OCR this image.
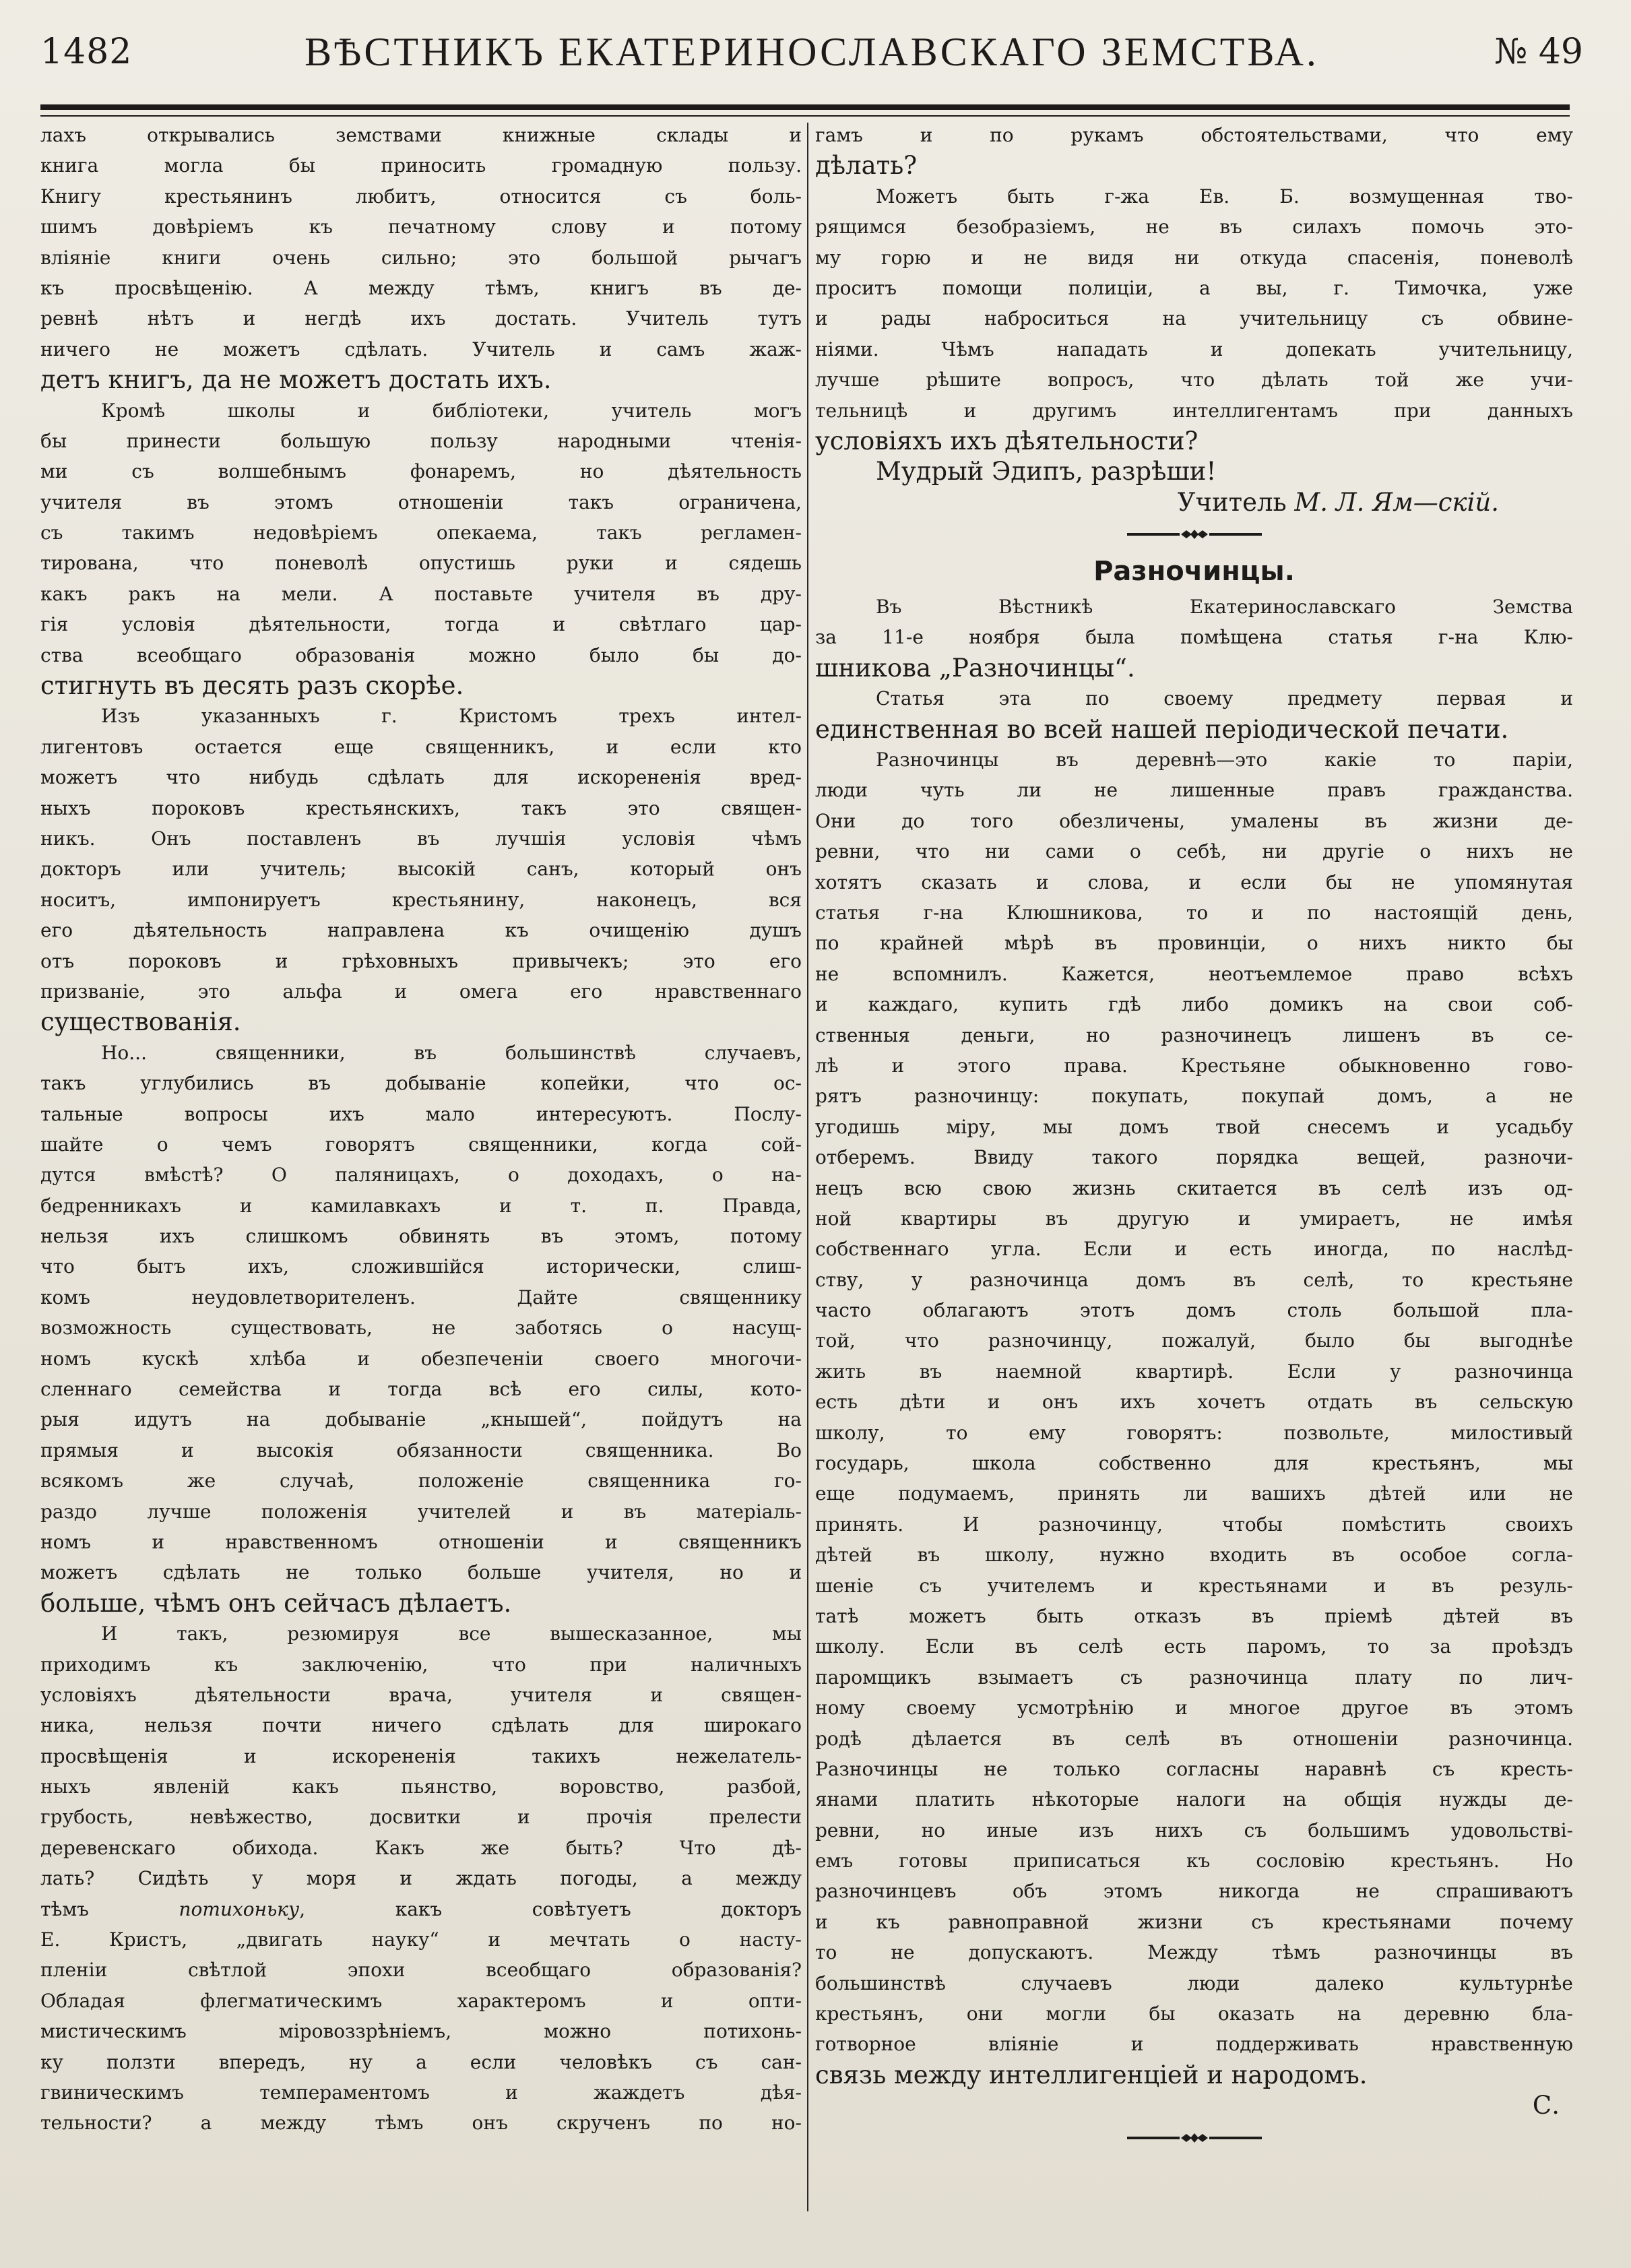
1482	ВѢСТНИКЪ ЕКАТЕРИНОСЛАВСКАГО ЗЕМСТВА.	№ 49
лахъ открывались земствами книжные склады и
книга могла бы приносить громадную пользу.
Книгу крестьянинъ любитъ, относится съ боль-
шимъ довѣріемъ къ печатному слову и потому
вліяніе книги очень сильно; это большой рычагъ
къ просвѣщенію. А между тѣмъ, книгъ въ де-
ревнѣ нѣтъ и негдѣ ихъ достать. Учитель тутъ
ничего не можетъ сдѣлать. Учитель и самъ жаж-
детъ книгъ, да не можетъ достать ихъ.
Кромѣ школы и библіотеки, учитель могъ
бы принести большую пользу народными чтенія-
ми съ волшебнымъ фонаремъ, но дѣятельность
учителя въ этомъ отношеніи такъ ограничена,
съ такимъ недовѣріемъ опекаема, такъ регламен-
тирована, что поневолѣ опустишь руки и сядешь
какъ ракъ на мели. А поставьте учителя въ дру-
гія условія дѣятельности, тогда и свѣтлаго цар-
ства всеобщаго образованія можно было бы до-
стигнуть въ десять разъ скорѣе.
Изъ указанныхъ г. Кристомъ трехъ интел-
лигентовъ остается еще священникъ, и если кто
можетъ что нибудь сдѣлать для искорененія вред-
ныхъ пороковъ крестьянскихъ, такъ это священ-
никъ. Онъ поставленъ въ лучшія условія чѣмъ
докторъ или учитель; высокій санъ, который онъ
носитъ, импонируетъ крестьянину, наконецъ, вся
его дѣятельность направлена къ очищенію душъ
отъ пороковъ и грѣховныхъ привычекъ; это его
призваніе, это альфа и омега его нравственнаго
существованія.
Но... священники, въ большинствѣ случаевъ,
такъ углубились въ добываніе копейки, что ос-
тальные вопросы ихъ мало интересуютъ. Послу-
шайте о чемъ говорятъ священники, когда сой-
дутся вмѣстѣ? О паляницахъ, о доходахъ, о на-
бедренникахъ и камилавкахъ и т. п. Правда,
нельзя ихъ слишкомъ обвинять въ этомъ, потому
что бытъ ихъ, сложившійся исторически, слиш-
комъ неудовлетворителенъ. Дайте священнику
возможность существовать, не заботясь о насущ-
номъ кускѣ хлѣба и обезпеченіи своего многочи-
сленнаго семейства и тогда всѣ его силы, кото-
рыя идутъ на добываніе „кнышей“, пойдутъ на
прямыя и высокія обязанности священника. Во
всякомъ же случаѣ, положеніе священника го-
раздо лучше положенія учителей и въ матеріаль-
номъ и нравственномъ отношеніи и священникъ
можетъ сдѣлать не только больше учителя, но и
больше, чѣмъ онъ сейчасъ дѣлаетъ.
И такъ, резюмируя все вышесказанное, мы
приходимъ къ заключенію, что при наличныхъ
условіяхъ дѣятельности врача, учителя и священ-
ника, нельзя почти ничего сдѣлать для широкаго
просвѣщенія и искорененія такихъ нежелатель-
ныхъ явленій какъ пьянство, воровство, разбой,
грубость, невѣжество, досвитки и прочія прелести
деревенскаго обихода. Какъ же быть? Что дѣ-
лать? Сидѣть у моря и ждать погоды, а между
тѣмъ потихоньку, какъ совѣтуетъ докторъ
Е. Кристъ, „двигать науку“ и мечтать о насту-
пленіи свѣтлой эпохи всеобщаго образованія?
Обладая флегматическимъ характеромъ и опти-
мистическимъ міровоззрѣніемъ, можно потихонь-
ку ползти впередъ, ну а если человѣкъ съ сан-
гвиническимъ темпераментомъ и жаждетъ дѣя-
тельности? а между тѣмъ онъ скрученъ по но-
гамъ и по рукамъ обстоятельствами, что ему
дѣлать?
Можетъ быть г-жа Ев. Б. возмущенная тво-
рящимся безобразіемъ, не въ силахъ помочь это-
му горю и не видя ни откуда спасенія, поневолѣ
проситъ помощи полиціи, а вы, г. Тимочка, уже
и рады наброситься на учительницу съ обвине-
ніями. Чѣмъ нападать и допекать учительницу,
лучше рѣшите вопросъ, что дѣлать той же учи-
тельницѣ и другимъ интеллигентамъ при данныхъ
условіяхъ ихъ дѣятельности?
Мудрый Эдипъ, разрѣши!
Учитель М. Л. Ям—скій.
Разночинцы.
Въ Вѣстникѣ Екатеринославскаго Земства
за 11-е ноября была помѣщена статья г-на Клю-
шникова „Разночинцы“.
Статья эта по своему предмету первая и
единственная во всей нашей періодической печати.
Разночинцы въ деревнѣ—это какіе то паріи,
люди чуть ли не лишенные правъ гражданства.
Они до того обезличены, умалены въ жизни де-
ревни, что ни сами о себѣ, ни другіе о нихъ не
хотятъ сказать и слова, и если бы не упомянутая
статья г-на Клюшникова, то и по настоящій день,
по крайней мѣрѣ въ провинціи, о нихъ никто бы
не вспомнилъ. Кажется, неотъемлемое право всѣхъ
и каждаго, купить гдѣ либо домикъ на свои соб-
ственныя деньги, но разночинецъ лишенъ въ се-
лѣ и этого права. Крестьяне обыкновенно гово-
рятъ разночинцу: покупать, покупай домъ, а не
угодишь міру, мы домъ твой снесемъ и усадьбу
отберемъ. Ввиду такого порядка вещей, разночи-
нецъ всю свою жизнь скитается въ селѣ изъ од-
ной квартиры въ другую и умираетъ, не имѣя
собственнаго угла. Если и есть иногда, по наслѣд-
ству, у разночинца домъ въ селѣ, то крестьяне
часто облагаютъ этотъ домъ столь большой пла-
той, что разночинцу, пожалуй, было бы выгоднѣе
жить въ наемной квартирѣ. Если у разночинца
есть дѣти и онъ ихъ хочетъ отдать въ сельскую
школу, то ему говорятъ: позвольте, милостивый
государь, школа собственно для крестьянъ, мы
еще подумаемъ, принять ли вашихъ дѣтей или не
принять. И разночинцу, чтобы помѣстить своихъ
дѣтей въ школу, нужно входить въ особое согла-
шеніе съ учителемъ и крестьянами и въ резуль-
татѣ можетъ быть отказъ въ пріемѣ дѣтей въ
школу. Если въ селѣ есть паромъ, то за проѣздъ
паромщикъ взымаетъ съ разночинца плату по лич-
ному своему усмотрѣнію и многое другое въ этомъ
родѣ дѣлается въ селѣ въ отношеніи разночинца.
Разночинцы не только согласны наравнѣ съ кресть-
янами платить нѣкоторые налоги на общія нужды де-
ревни, но иные изъ нихъ съ большимъ удовольстві-
емъ готовы приписаться къ сословію крестьянъ. Но
разночинцевъ объ этомъ никогда не спрашиваютъ
и къ равноправной жизни съ крестьянами почему
то не допускаютъ. Между тѣмъ разночинцы въ
большинствѣ случаевъ люди далеко культурнѣе
крестьянъ, они могли бы оказать на деревню бла-
готворное вліяніе и поддерживать нравственную
связь между интеллигенціей и народомъ.
С.
